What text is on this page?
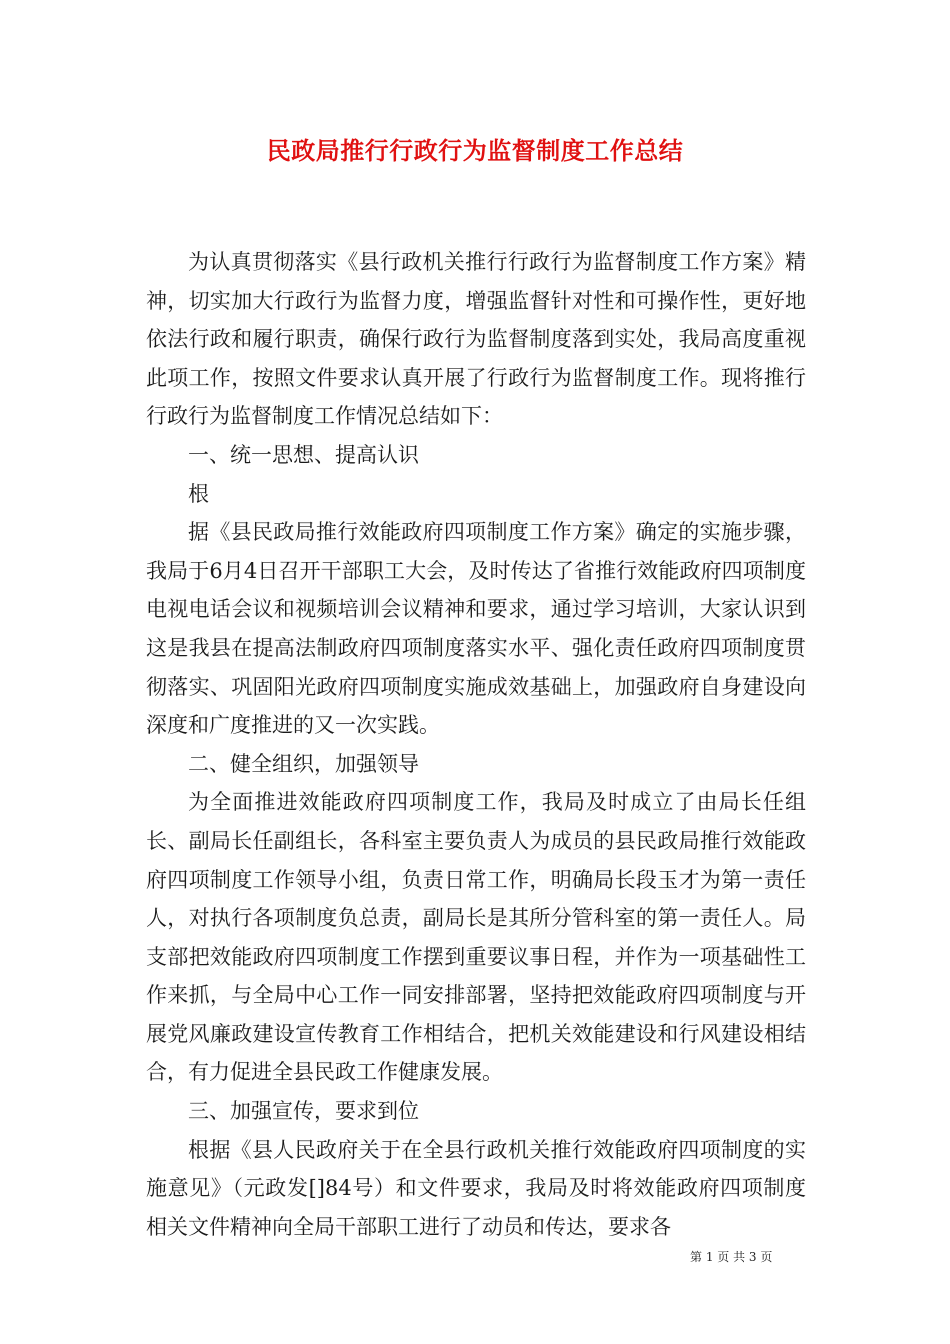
民政局推行行政行为监督制度工作总结

为认真贯彻落实《县行政机关推行行政行为监督制度工作方案》精神，切实加大行政行为监督力度，增强监督针对性和可操作性，更好地依法行政和履行职责，确保行政行为监督制度落到实处，我局高度重视此项工作，按照文件要求认真开展了行政行为监督制度工作。现将推行行政行为监督制度工作情况总结如下：

一、统一思想、提高认识

根

据《县民政局推行效能政府四项制度工作方案》确定的实施步骤，我局于6月4日召开干部职工大会，及时传达了省推行效能政府四项制度电视电话会议和视频培训会议精神和要求，通过学习培训，大家认识到这是我县在提高法制政府四项制度落实水平、强化责任政府四项制度贯彻落实、巩固阳光政府四项制度实施成效基础上，加强政府自身建设向深度和广度推进的又一次实践。

二、健全组织，加强领导

为全面推进效能政府四项制度工作，我局及时成立了由局长任组长、副局长任副组长，各科室主要负责人为成员的县民政局推行效能政府四项制度工作领导小组，负责日常工作，明确局长段玉才为第一责任人，对执行各项制度负总责，副局长是其所分管科室的第一责任人。局支部把效能政府四项制度工作摆到重要议事日程，并作为一项基础性工作来抓，与全局中心工作一同安排部署，坚持把效能政府四项制度与开展党风廉政建设宣传教育工作相结合，把机关效能建设和行风建设相结合，有力促进全县民政工作健康发展。

三、加强宣传，要求到位

根据《县人民政府关于在全县行政机关推行效能政府四项制度的实施意见》（元政发[]84号）和文件要求，我局及时将效能政府四项制度相关文件精神向全局干部职工进行了动员和传达，要求各

第 1 页 共 3 页
